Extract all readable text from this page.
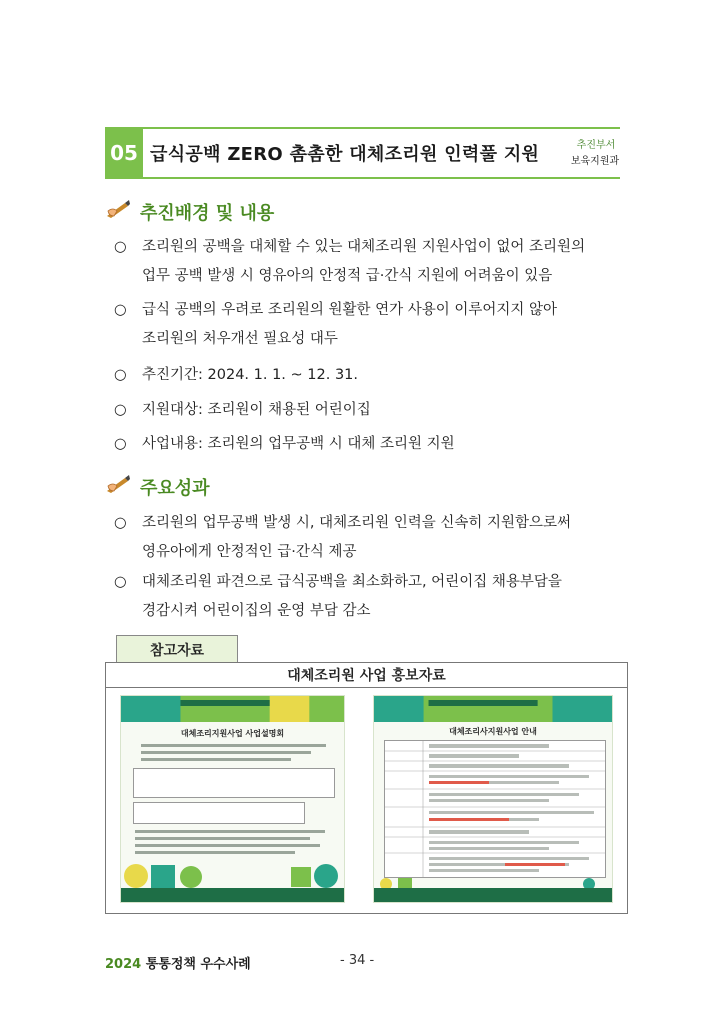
05 급식공백 ZERO 촘촘한 대체조리원 인력풀 지원	추진부서
보육지원과
추진배경 및 내용
○ 조리원의 공백을 대체할 수 있는 대체조리원 지원사업이 없어 조리원의
업무 공백 발생 시 영유아의 안정적 급·간식 지원에 어려움이 있음
○ 급식 공백의 우려로 조리원의 원활한 연가 사용이 이루어지지 않아
조리원의 처우개선 필요성 대두
○ 추진기간: 2024. 1. 1. ~ 12. 31.
○ 지원대상: 조리원이 채용된 어린이집
○ 사업내용: 조리원의 업무공백 시 대체 조리원 지원
주요성과
○ 조리원의 업무공백 발생 시, 대체조리원 인력을 신속히 지원함으로써
영유아에게 안정적인 급·간식 제공
○ 대체조리원 파견으로 급식공백을 최소화하고, 어린이집 채용부담을
경감시켜 어린이집의 운영 부담 감소
참고자료
대체조리원 사업 홍보자료
대체조리지원사업 사업설명회	대체조리사지원사업 안내
2024 통통정책 우수사례	- 34 -
